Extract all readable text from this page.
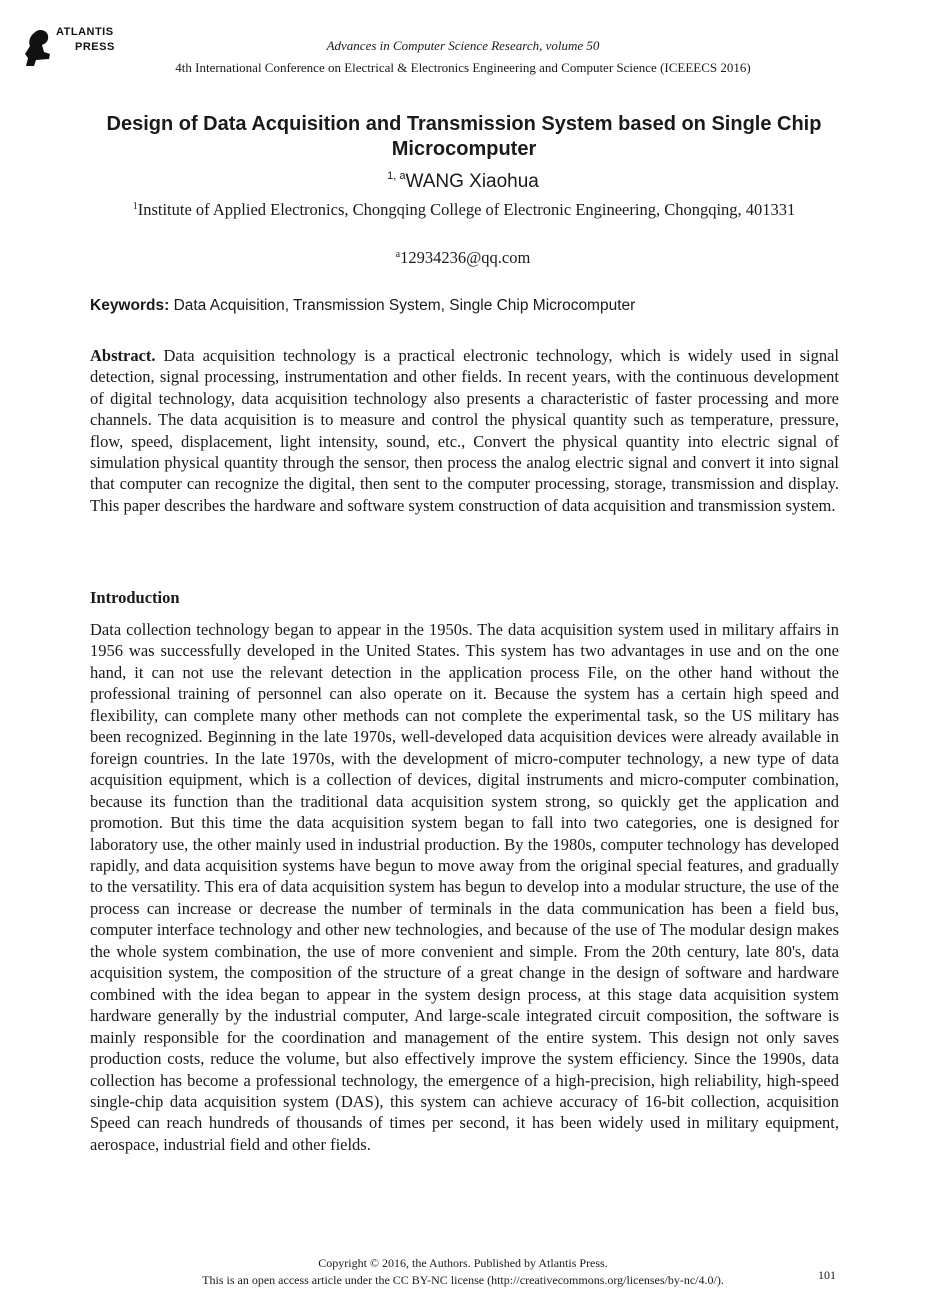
ATLANTIS
PRESS	Advances in Computer Science Research, volume 50
4th International Conference on Electrical & Electronics Engineering and Computer Science (ICEEECS 2016)
Design of Data Acquisition and Transmission System based on Single Chip Microcomputer
$^{1, a}$WANG Xiaohua
$^1$Institute of Applied Electronics, Chongqing College of Electronic Engineering, Chongqing, 401331
$^a$12934236@qq.com
Keywords: Data Acquisition, Transmission System, Single Chip Microcomputer

Abstract. Data acquisition technology is a practical electronic technology, which is widely used in signal detection, signal processing, instrumentation and other fields. In recent years, with the continuous development of digital technology, data acquisition technology also presents a characteristic of faster processing and more channels. The data acquisition is to measure and control the physical quantity such as temperature, pressure, flow, speed, displacement, light intensity, sound, etc., Convert the physical quantity into electric signal of simulation physical quantity through the sensor, then process the analog electric signal and convert it into signal that computer can recognize the digital, then sent to the computer processing, storage, transmission and display. This paper describes the hardware and software system construction of data acquisition and transmission system.

Introduction

Data collection technology began to appear in the 1950s. The data acquisition system used in military affairs in 1956 was successfully developed in the United States. This system has two advantages in use and on the one hand, it can not use the relevant detection in the application process File, on the other hand without the professional training of personnel can also operate on it. Because the system has a certain high speed and flexibility, can complete many other methods can not complete the experimental task, so the US military has been recognized. Beginning in the late 1970s, well-developed data acquisition devices were already available in foreign countries. In the late 1970s, with the development of micro-computer technology, a new type of data acquisition equipment, which is a collection of devices, digital instruments and micro-computer combination, because its function than the traditional data acquisition system strong, so quickly get the application and promotion. But this time the data acquisition system began to fall into two categories, one is designed for laboratory use, the other mainly used in industrial production. By the 1980s, computer technology has developed rapidly, and data acquisition systems have begun to move away from the original special features, and gradually to the versatility. This era of data acquisition system has begun to develop into a modular structure, the use of the process can increase or decrease the number of terminals in the data communication has been a field bus, computer interface technology and other new technologies, and because of the use of The modular design makes the whole system combination, the use of more convenient and simple. From the 20th century, late 80's, data acquisition system, the composition of the structure of a great change in the design of software and hardware combined with the idea began to appear in the system design process, at this stage data acquisition system hardware generally by the industrial computer, And large-scale integrated circuit composition, the software is mainly responsible for the coordination and management of the entire system. This design not only saves production costs, reduce the volume, but also effectively improve the system efficiency. Since the 1990s, data collection has become a professional technology, the emergence of a high-precision, high reliability, high-speed single-chip data acquisition system (DAS), this system can achieve accuracy of 16-bit collection, acquisition Speed can reach hundreds of thousands of times per second, it has been widely used in military equipment, aerospace, industrial field and other fields.

Copyright © 2016, the Authors. Published by Atlantis Press.
This is an open access article under the CC BY-NC license (http://creativecommons.org/licenses/by-nc/4.0/).	101
